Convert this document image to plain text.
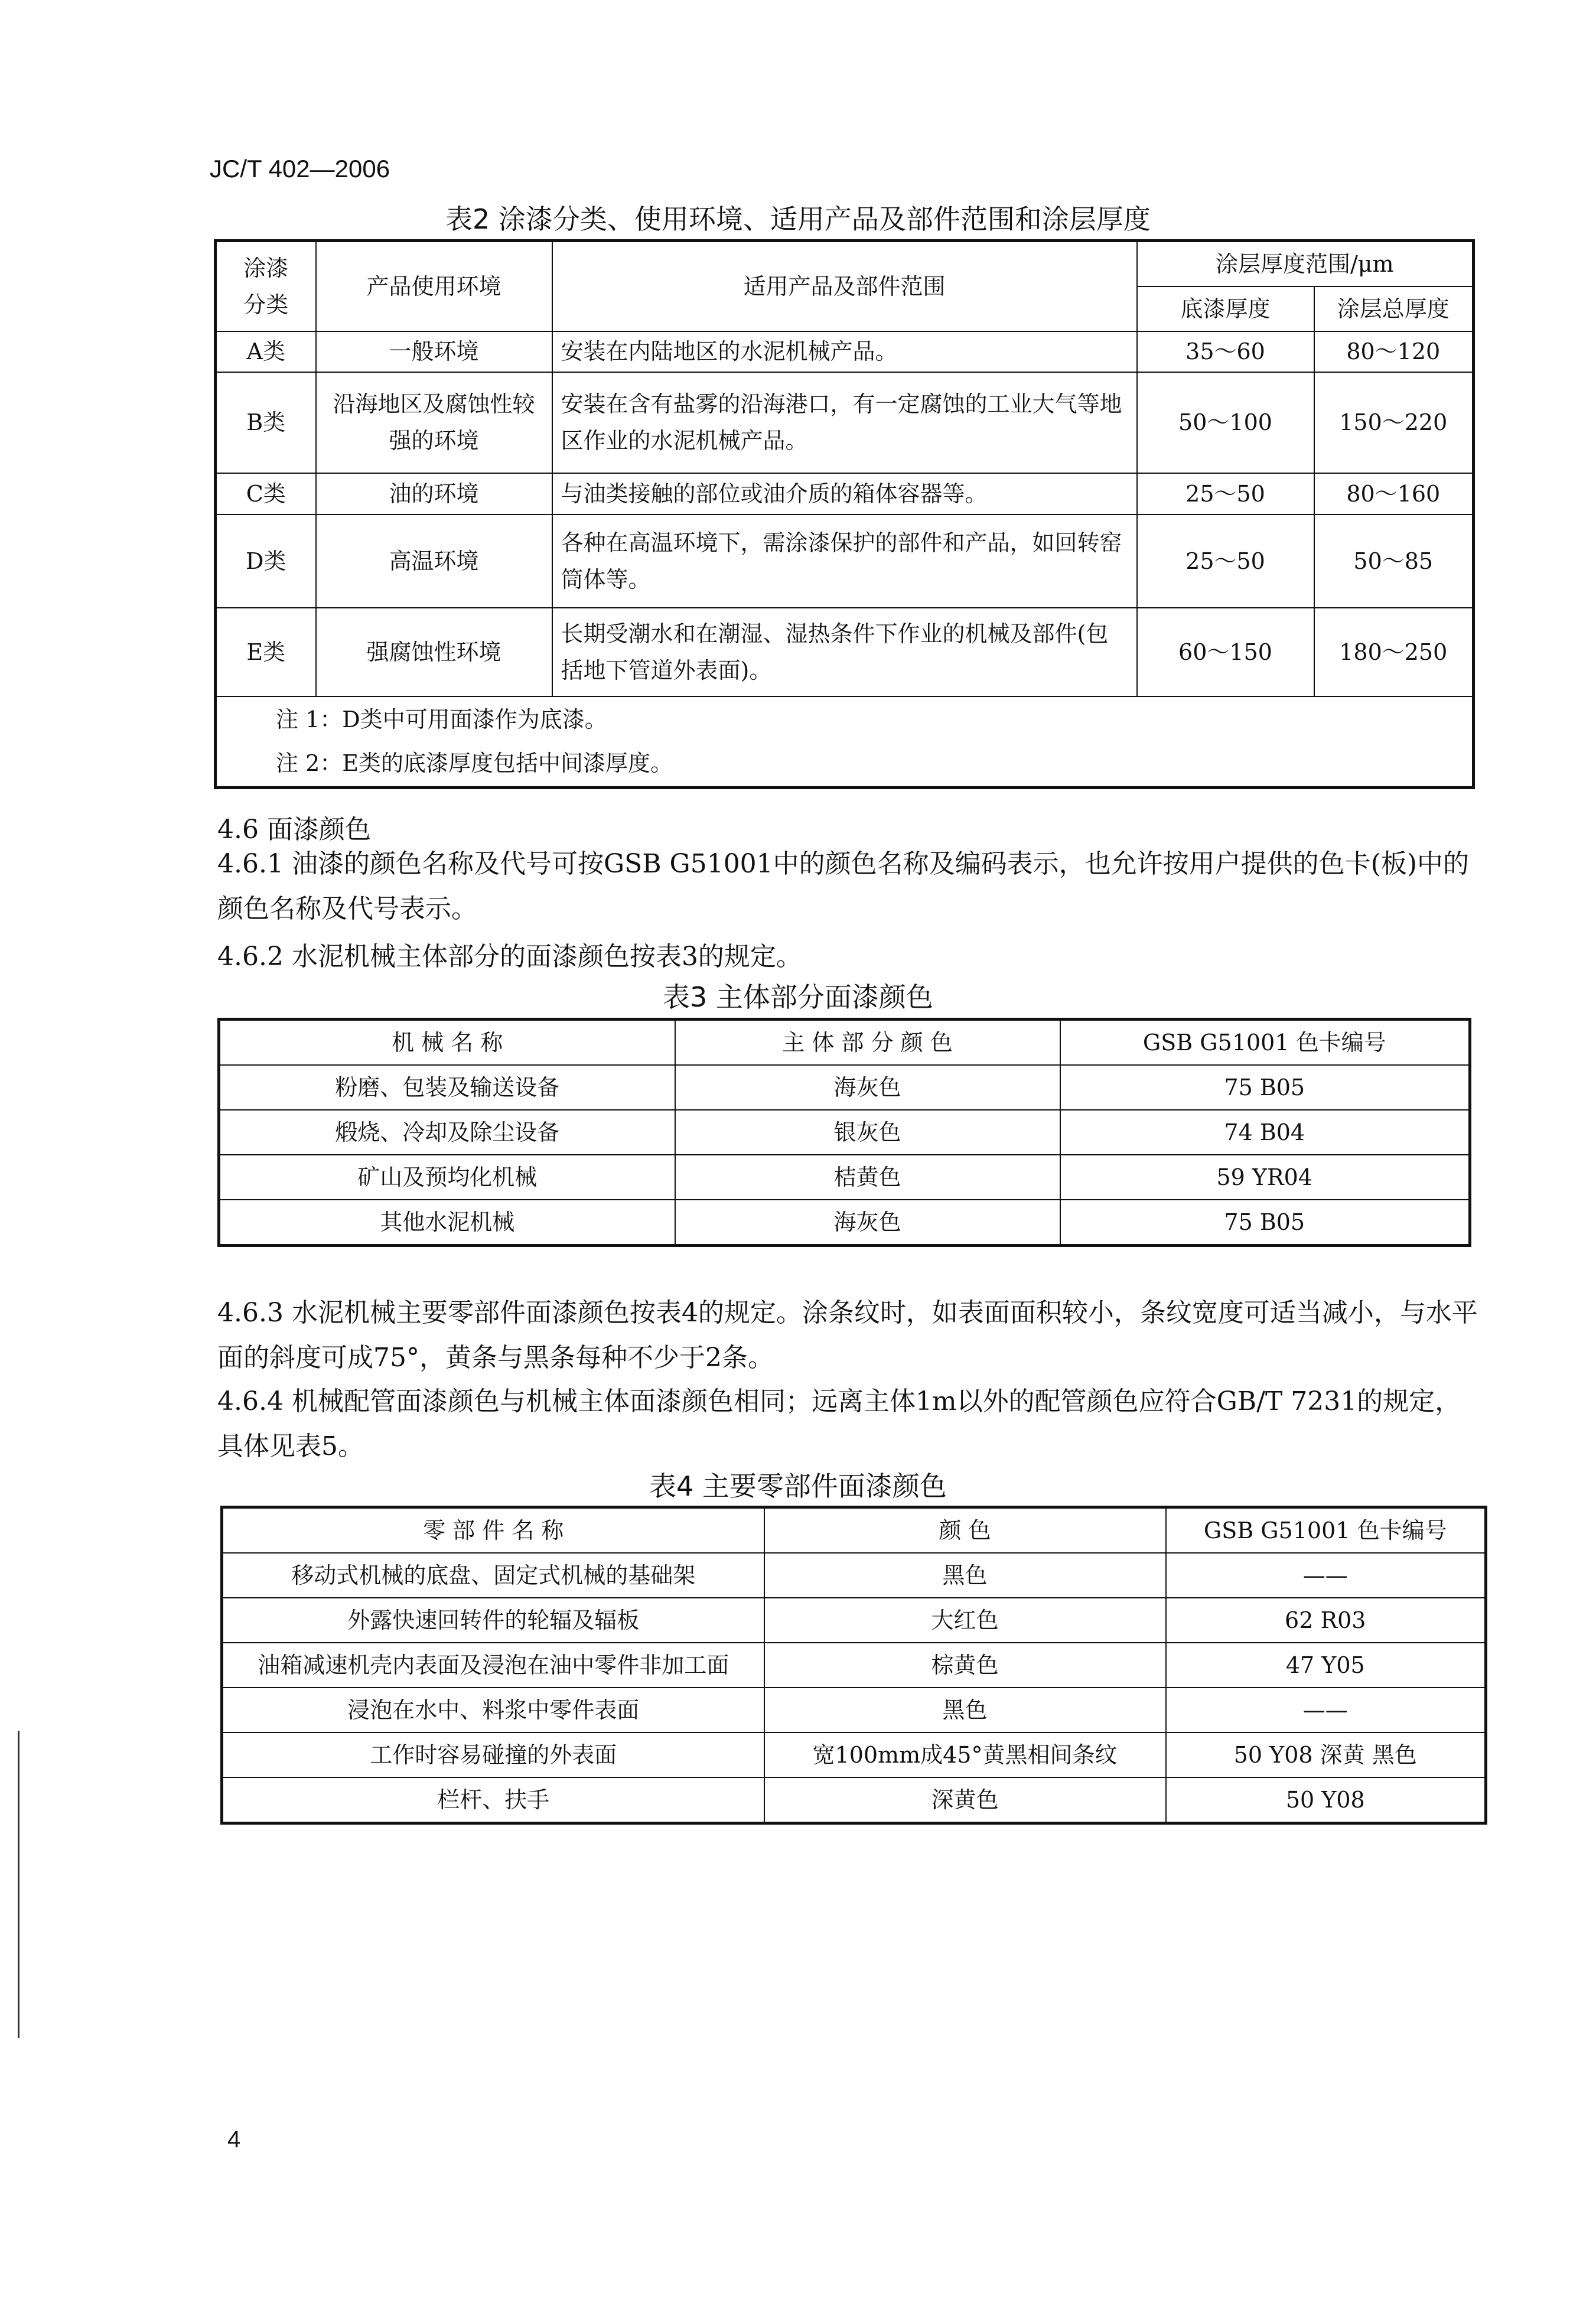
JC/T 402—2006
表2 涂漆分类、使用环境、适用产品及部件范围和涂层厚度
涂漆
分类	产品使用环境	适用产品及部件范围	涂层厚度范围/μm	
			底漆厚度	涂层总厚度
A类	一般环境	安装在内陆地区的水泥机械产品。	35～60	80～120
B类	沿海地区及腐蚀性较强的环境	安装在含有盐雾的沿海港口，有一定腐蚀的工业大气等地区作业的水泥机械产品。	50～100	150～220
C类	油的环境	与油类接触的部位或油介质的箱体容器等。	25～50	80～160
D类	高温环境	各种在高温环境下，需涂漆保护的部件和产品，如回转窑筒体等。	25～50	50～85
E类	强腐蚀性环境	长期受潮水和在潮湿、湿热条件下作业的机械及部件(包括地下管道外表面)。	60～150	180～250

注 1：D类中可用面漆作为底漆。
注 2：E类的底漆厚度包括中间漆厚度。				
4.6 面漆颜色
4.6.1 油漆的颜色名称及代号可按GSB G51001中的颜色名称及编码表示，也允许按用户提供的色卡(板)中的颜色名称及代号表示。
4.6.2 水泥机械主体部分的面漆颜色按表3的规定。
表3 主体部分面漆颜色
机 械 名 称	主 体 部 分 颜 色	GSB G51001 色卡编号
粉磨、包装及输送设备	海灰色	75 B05
煅烧、冷却及除尘设备	银灰色	74 B04
矿山及预均化机械	桔黄色	59 YR04
其他水泥机械	海灰色	75 B05
4.6.3 水泥机械主要零部件面漆颜色按表4的规定。涂条纹时，如表面面积较小，条纹宽度可适当减小，与水平面的斜度可成75°，黄条与黑条每种不少于2条。
4.6.4 机械配管面漆颜色与机械主体面漆颜色相同；远离主体1m以外的配管颜色应符合GB/T 7231的规定，具体见表5。
表4 主要零部件面漆颜色
零 部 件 名 称	颜 色	GSB G51001 色卡编号
移动式机械的底盘、固定式机械的基础架	黑色	——
外露快速回转件的轮辐及辐板	大红色	62 R03
油箱减速机壳内表面及浸泡在油中零件非加工面	棕黄色	47 Y05
浸泡在水中、料浆中零件表面	黑色	——
工作时容易碰撞的外表面	宽100mm成45°黄黑相间条纹	50 Y08 深黄 黑色
栏杆、扶手	深黄色	50 Y08
4
